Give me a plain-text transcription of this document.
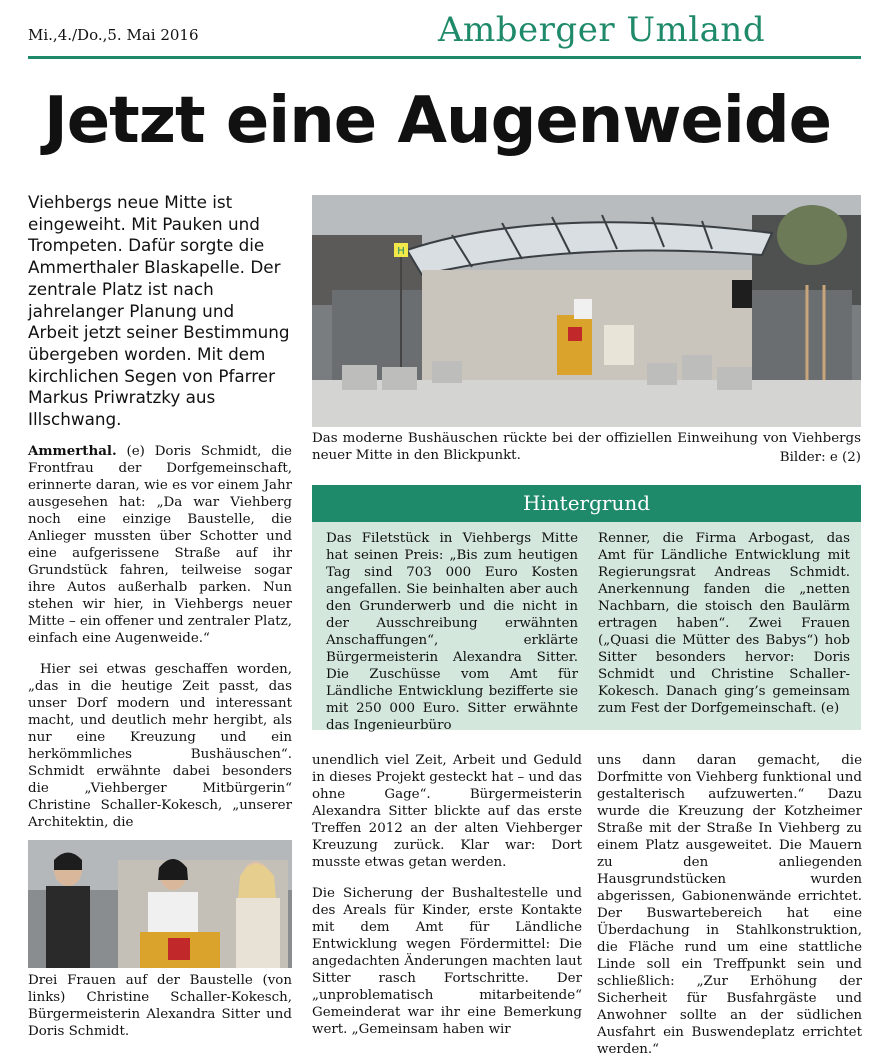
Mi.,4./Do.,5. Mai 2016	Amberger Umland
Jetzt eine Augenweide
Viehbergs neue Mitte ist eingeweiht. Mit Pauken und Trompeten. Dafür sorgte die Ammerthaler Blaskapelle. Der zentrale Platz ist nach jahrelanger Planung und Arbeit jetzt seiner Bestimmung übergeben worden. Mit dem kirchlichen Segen von Pfarrer Markus Priwratzky aus Illschwang.

Ammerthal. (e) Doris Schmidt, die Frontfrau der Dorfgemeinschaft, erinnerte daran, wie es vor einem Jahr ausgesehen hat: „Da war Viehberg noch eine einzige Baustelle, die Anlieger mussten über Schotter und eine aufgerissene Straße auf ihr Grundstück fahren, teilweise sogar ihre Autos außerhalb parken. Nun stehen wir hier, in Viehbergs neuer Mitte – ein offener und zentraler Platz, einfach eine Augenweide.“

Hier sei etwas geschaffen worden, „das in die heutige Zeit passt, das unser Dorf modern und interessant macht, und deutlich mehr hergibt, als nur eine Kreuzung und ein herkömmliches Bushäuschen“. Schmidt erwähnte dabei besonders die „Viehberger Mitbürgerin“ Christine Schaller-Kokesch, „unserer Architektin, die

H
Das moderne Bushäuschen rückte bei der offiziellen Einweihung von Viehbergs neuer Mitte in den Blickpunkt.	Bilder: e (2)
Hintergrund
Das Filetstück in Viehbergs Mitte hat seinen Preis: „Bis zum heutigen Tag sind 703 000 Euro Kosten angefallen. Sie beinhalten aber auch den Grunderwerb und die nicht in der Ausschreibung erwähnten Anschaffungen“, erklärte Bürgermeisterin Alexandra Sitter. Die Zuschüsse vom Amt für Ländliche Entwicklung bezifferte sie mit 250 000 Euro. Sitter erwähnte das Ingenieurbüro
Renner, die Firma Arbogast, das Amt für Ländliche Entwicklung mit Regierungsrat Andreas Schmidt. Anerkennung fanden die „netten Nachbarn, die stoisch den Baulärm ertragen haben“. Zwei Frauen („Quasi die Mütter des Babys“) hob Sitter besonders hervor: Doris Schmidt und Christine Schaller-Kokesch. Danach ging’s gemeinsam zum Fest der Dorfgemeinschaft. (e)

unendlich viel Zeit, Arbeit und Geduld in dieses Projekt gesteckt hat – und das ohne Gage“. Bürgermeisterin Alexandra Sitter blickte auf das erste Treffen 2012 an der alten Viehberger Kreuzung zurück. Klar war: Dort musste etwas getan werden.

Die Sicherung der Bushaltestelle und des Areals für Kinder, erste Kontakte mit dem Amt für Ländliche Entwicklung wegen Fördermittel: Die angedachten Änderungen machten laut Sitter rasch Fortschritte. Der „unproblematisch mitarbeitende“ Gemeinderat war ihr eine Bemerkung wert. „Gemeinsam haben wir

uns dann daran gemacht, die Dorfmitte von Viehberg funktional und gestalterisch aufzuwerten.“ Dazu wurde die Kreuzung der Kotzheimer Straße mit der Straße In Viehberg zu einem Platz ausgeweitet. Die Mauern zu den anliegenden Hausgrundstücken wurden abgerissen, Gabionenwände errichtet. Der Buswartebereich hat eine Überdachung in Stahlkonstruktion, die Fläche rund um eine stattliche Linde soll ein Treffpunkt sein und schließlich: „Zur Erhöhung der Sicherheit für Busfahrgäste und Anwohner sollte an der südlichen Ausfahrt ein Buswendeplatz errichtet werden.“

Drei Frauen auf der Baustelle (von links) Christine Schaller-Kokesch, Bürgermeisterin Alexandra Sitter und Doris Schmidt.
